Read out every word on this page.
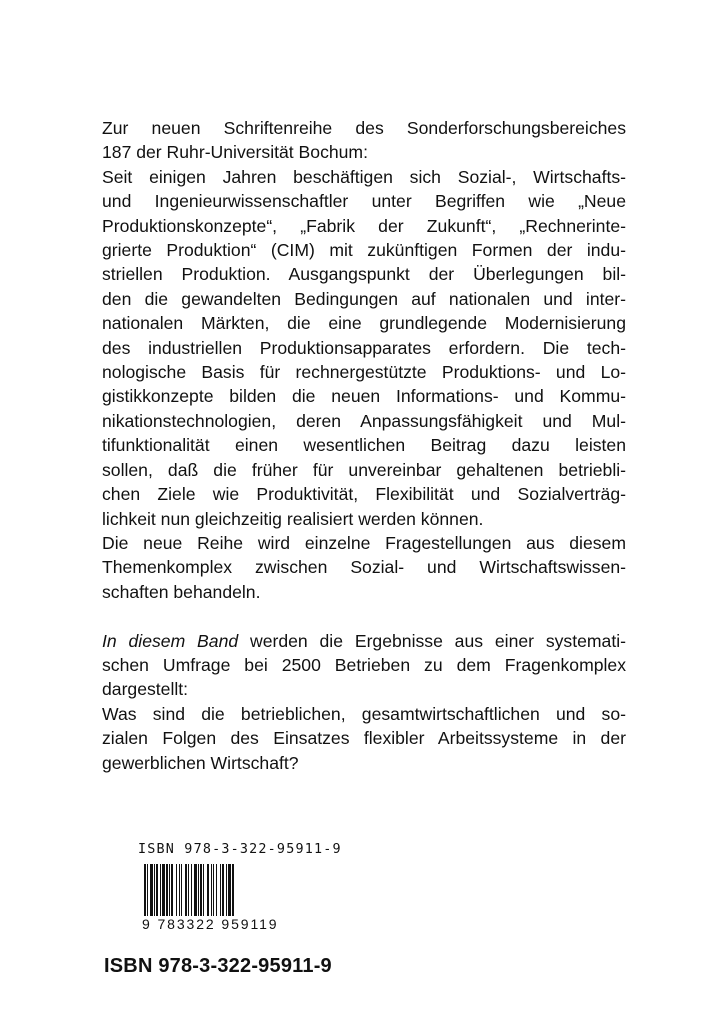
Zur neuen Schriftenreihe des Sonderforschungsbereiches
187 der Ruhr-Universität Bochum:
Seit einigen Jahren beschäftigen sich Sozial-, Wirtschafts-
und Ingenieurwissenschaftler unter Begriffen wie „Neue
Produktionskonzepte“, „Fabrik der Zukunft“, „Rechnerinte-
grierte Produktion“ (CIM) mit zukünftigen Formen der indu-
striellen Produktion. Ausgangspunkt der Überlegungen bil-
den die gewandelten Bedingungen auf nationalen und inter-
nationalen Märkten, die eine grundlegende Modernisierung
des industriellen Produktionsapparates erfordern. Die tech-
nologische Basis für rechnergestützte Produktions- und Lo-
gistikkonzepte bilden die neuen Informations- und Kommu-
nikationstechnologien, deren Anpassungsfähigkeit und Mul-
tifunktionalität einen wesentlichen Beitrag dazu leisten
sollen, daß die früher für unvereinbar gehaltenen betriebli-
chen Ziele wie Produktivität, Flexibilität und Sozialverträg-
lichkeit nun gleichzeitig realisiert werden können.
Die neue Reihe wird einzelne Fragestellungen aus diesem
Themenkomplex zwischen Sozial- und Wirtschaftswissen-
schaften behandeln.
In diesem Band werden die Ergebnisse aus einer systemati-
schen Umfrage bei 2500 Betrieben zu dem Fragenkomplex
dargestellt:
Was sind die betrieblichen, gesamtwirtschaftlichen und so-
zialen Folgen des Einsatzes flexibler Arbeitssysteme in der
gewerblichen Wirtschaft?
ISBN 978-3-322-95911-9
9 783322 959119
ISBN 978-3-322-95911-9
